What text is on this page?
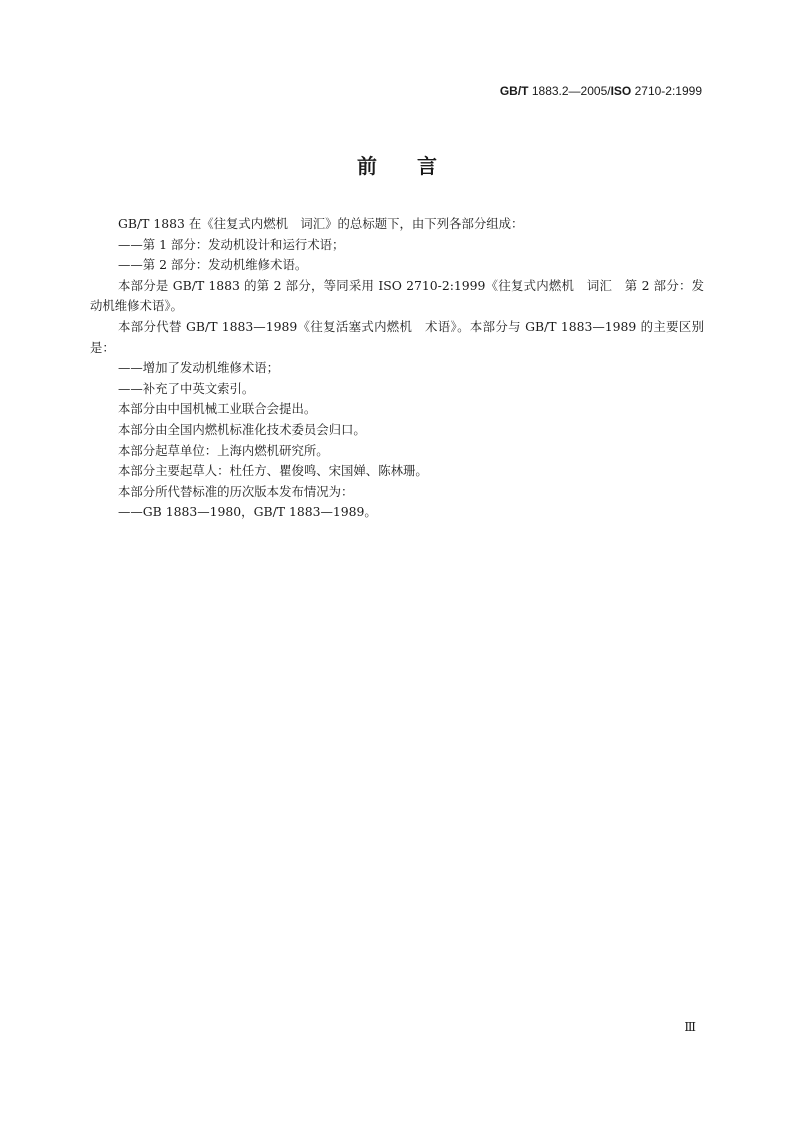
GB/T 1883.2—2005/ISO 2710-2:1999
前言

GB/T 1883 在《往复式内燃机　词汇》的总标题下，由下列各部分组成：

——第 1 部分：发动机设计和运行术语；

——第 2 部分：发动机维修术语。

本部分是 GB/T 1883 的第 2 部分，等同采用 ISO 2710-2:1999《往复式内燃机　词汇　第 2 部分：发动机维修术语》。

本部分代替 GB/T 1883—1989《往复活塞式内燃机　术语》。本部分与 GB/T 1883—1989 的主要区别是：

——增加了发动机维修术语；

——补充了中英文索引。

本部分由中国机械工业联合会提出。

本部分由全国内燃机标准化技术委员会归口。

本部分起草单位：上海内燃机研究所。

本部分主要起草人：杜任方、瞿俊鸣、宋国婵、陈林珊。

本部分所代替标准的历次版本发布情况为：

——GB 1883—1980，GB/T 1883—1989。

Ⅲ
